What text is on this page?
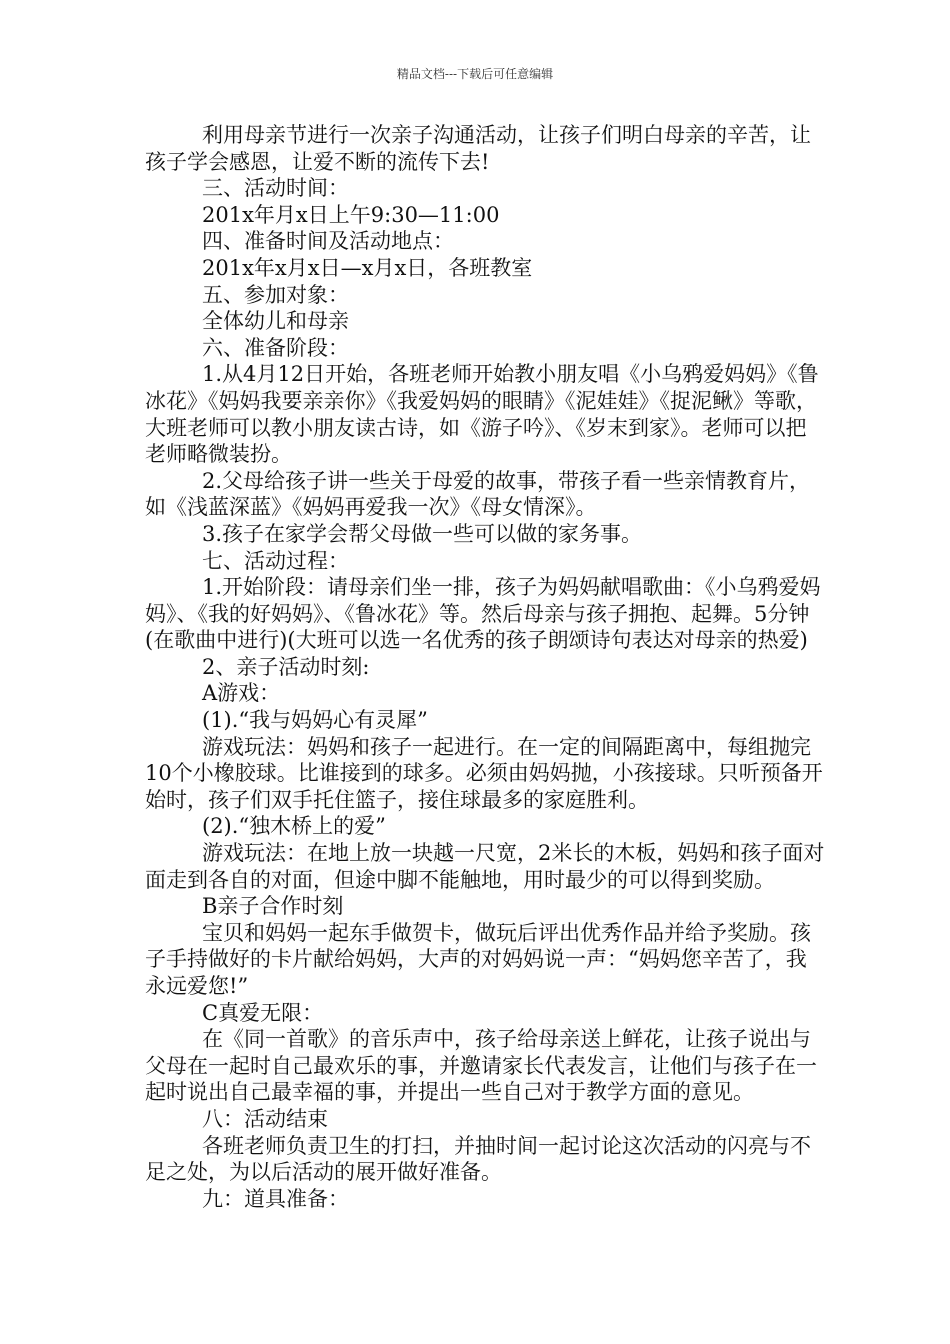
精品文档---下载后可任意编辑

利用母亲节进行一次亲子沟通活动，让孩子们明白母亲的辛苦，让孩子学会感恩，让爱不断的流传下去!

三、活动时间：

201x年月x日上午9:30—11:00

四、准备时间及活动地点：

201x年x月x日—x月x日，各班教室

五、参加对象：

全体幼儿和母亲

六、准备阶段：

1.从4月12日开始，各班老师开始教小朋友唱《小乌鸦爱妈妈》《鲁冰花》《妈妈我要亲亲你》《我爱妈妈的眼睛》《泥娃娃》《捉泥鳅》等歌，大班老师可以教小朋友读古诗，如《游子吟》、《岁末到家》。老师可以把老师略微装扮。

2.父母给孩子讲一些关于母爱的故事，带孩子看一些亲情教育片，如《浅蓝深蓝》《妈妈再爱我一次》《母女情深》。

3.孩子在家学会帮父母做一些可以做的家务事。

七、活动过程：

1.开始阶段：请母亲们坐一排，孩子为妈妈献唱歌曲：《小乌鸦爱妈妈》、《我的好妈妈》、《鲁冰花》等。然后母亲与孩子拥抱、起舞。5分钟(在歌曲中进行)(大班可以选一名优秀的孩子朗颂诗句表达对母亲的热爱)

2、亲子活动时刻:

A游戏：

(1).“我与妈妈心有灵犀”

游戏玩法：妈妈和孩子一起进行。在一定的间隔距离中，每组抛完10个小橡胶球。比谁接到的球多。必须由妈妈抛，小孩接球。只听预备开始时，孩子们双手托住篮子，接住球最多的家庭胜利。

(2).“独木桥上的爱”

游戏玩法：在地上放一块越一尺宽，2米长的木板，妈妈和孩子面对面走到各自的对面，但途中脚不能触地，用时最少的可以得到奖励。

B亲子合作时刻

宝贝和妈妈一起东手做贺卡，做玩后评出优秀作品并给予奖励。孩子手持做好的卡片献给妈妈，大声的对妈妈说一声：“妈妈您辛苦了，我永远爱您!”

C真爱无限：

在《同一首歌》的音乐声中，孩子给母亲送上鲜花，让孩子说出与父母在一起时自己最欢乐的事，并邀请家长代表发言，让他们与孩子在一起时说出自己最幸福的事，并提出一些自己对于教学方面的意见。

八：活动结束

各班老师负责卫生的打扫，并抽时间一起讨论这次活动的闪亮与不足之处，为以后活动的展开做好准备。

九：道具准备：
